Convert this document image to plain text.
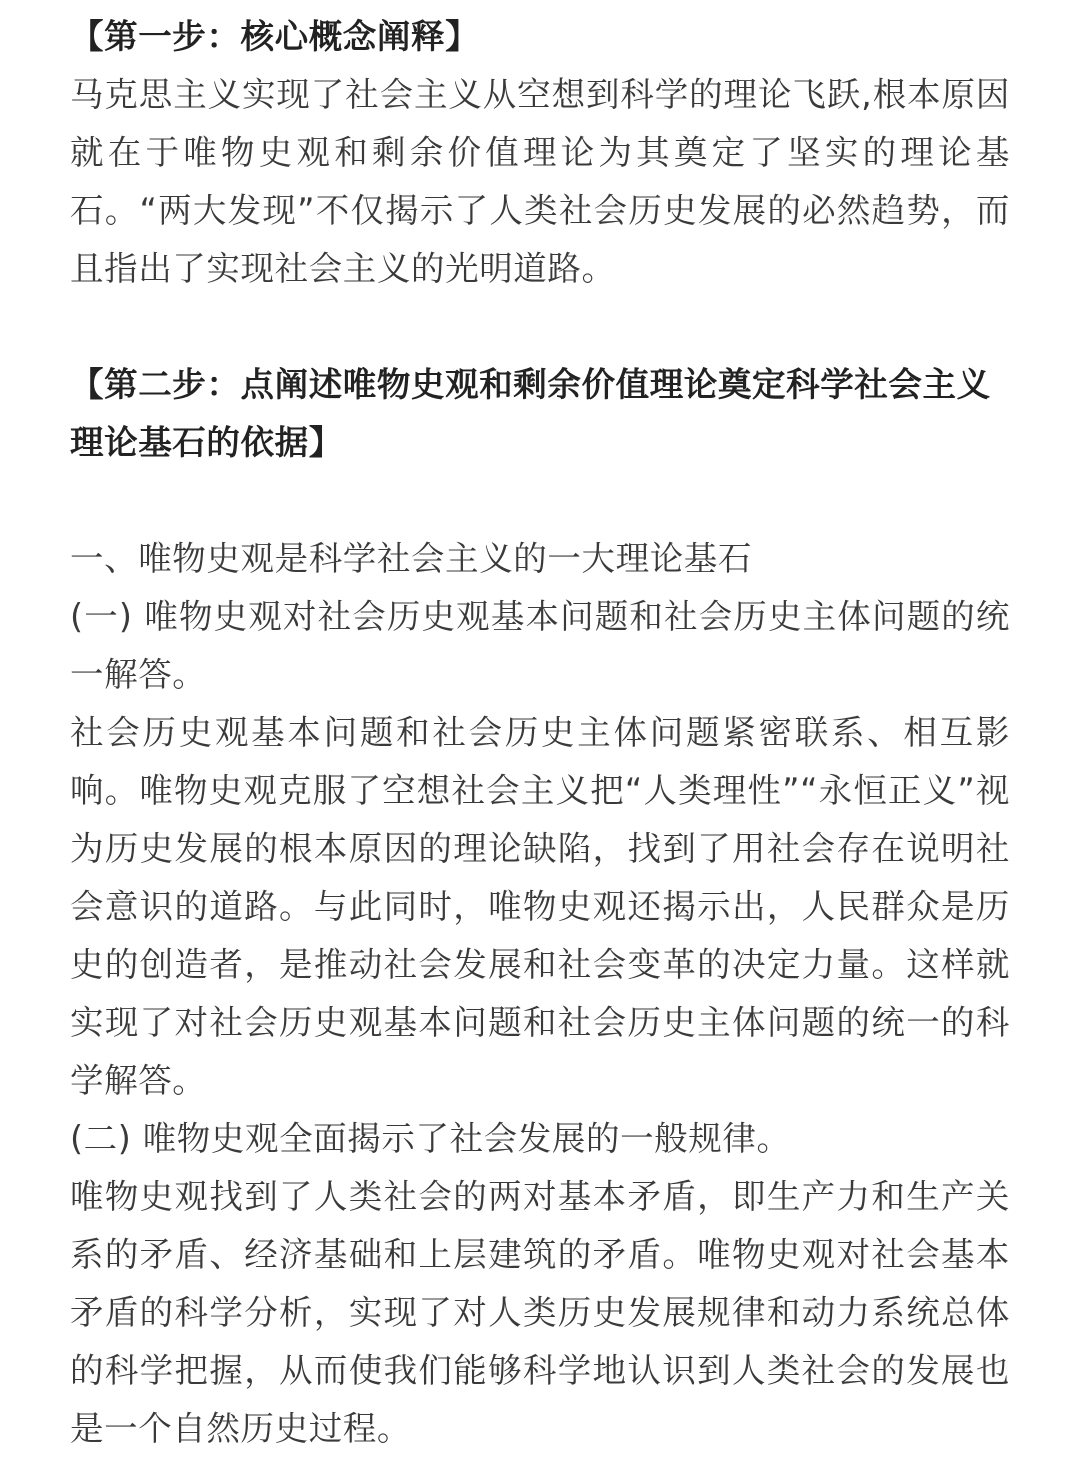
【第一步：核心概念阐释】

马克思主义实现了社会主义从空想到科学的理论飞跃,根本原因就在于唯物史观和剩余价值理论为其奠定了坚实的理论基石。“两大发现”不仅揭示了人类社会历史发展的必然趋势，而且指出了实现社会主义的光明道路。

【第二步：点阐述唯物史观和剩余价值理论奠定科学社会主义理论基石的依据】

一、唯物史观是科学社会主义的一大理论基石

(一) 唯物史观对社会历史观基本问题和社会历史主体问题的统一解答。

社会历史观基本问题和社会历史主体问题紧密联系、相互影响。唯物史观克服了空想社会主义把“人类理性”“永恒正义”视为历史发展的根本原因的理论缺陷，找到了用社会存在说明社会意识的道路。与此同时，唯物史观还揭示出，人民群众是历史的创造者，是推动社会发展和社会变革的决定力量。这样就实现了对社会历史观基本问题和社会历史主体问题的统一的科学解答。

(二) 唯物史观全面揭示了社会发展的一般规律。

唯物史观找到了人类社会的两对基本矛盾，即生产力和生产关系的矛盾、经济基础和上层建筑的矛盾。唯物史观对社会基本矛盾的科学分析，实现了对人类历史发展规律和动力系统总体的科学把握，从而使我们能够科学地认识到人类社会的发展也是一个自然历史过程。
